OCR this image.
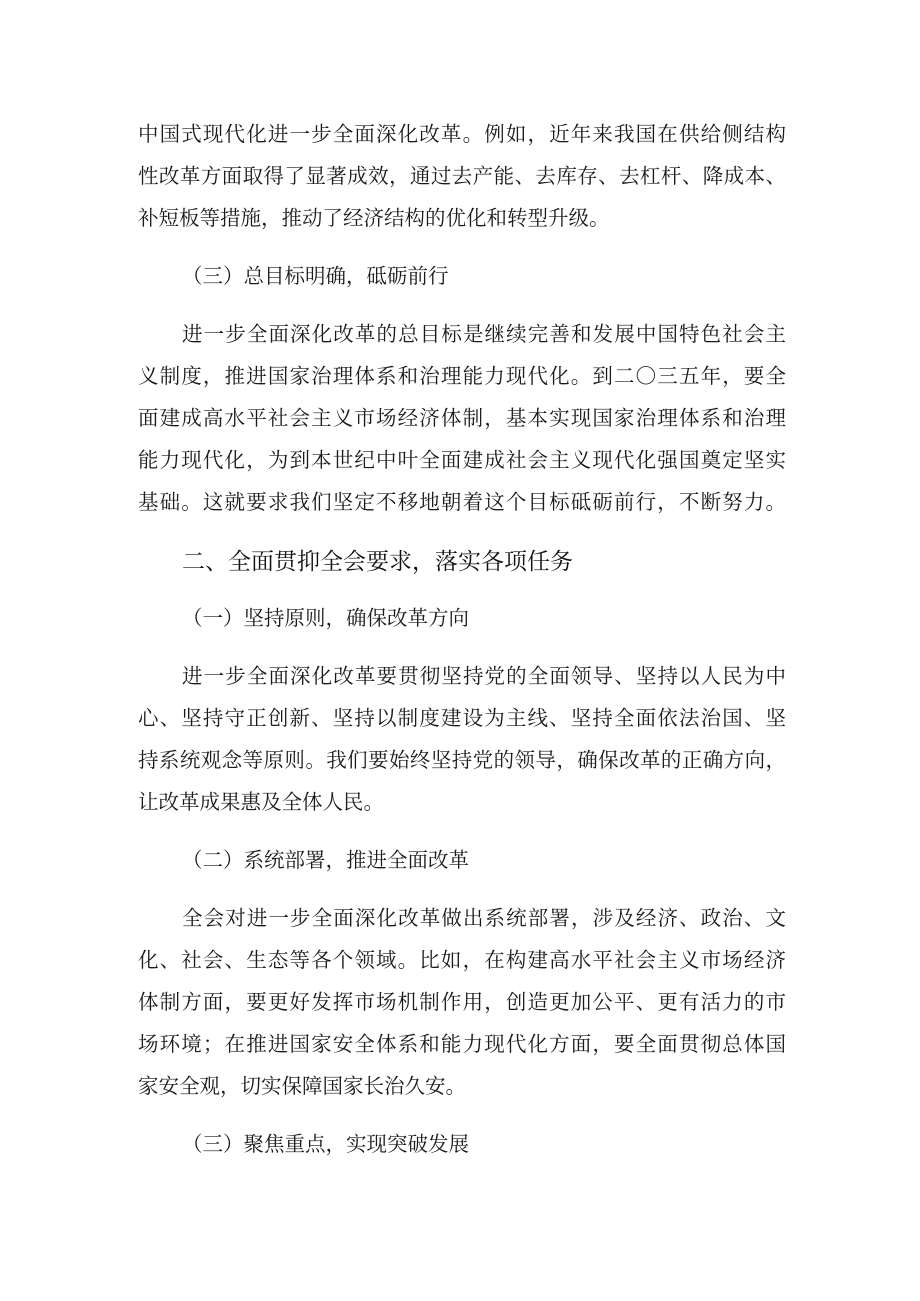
中国式现代化进一步全面深化改革。例如，近年来我国在供给侧结构
性改革方面取得了显著成效，通过去产能、去库存、去杠杆、降成本、
补短板等措施，推动了经济结构的优化和转型升级。
（三）总目标明确，砥砺前行
进一步全面深化改革的总目标是继续完善和发展中国特色社会主
义制度，推进国家治理体系和治理能力现代化。到二〇三五年，要全
面建成高水平社会主义市场经济体制，基本实现国家治理体系和治理
能力现代化，为到本世纪中叶全面建成社会主义现代化强国奠定坚实
基础。这就要求我们坚定不移地朝着这个目标砥砺前行，不断努力。
二、全面贯抑全会要求，落实各项任务
（一）坚持原则，确保改革方向
进一步全面深化改革要贯彻坚持党的全面领导、坚持以人民为中
心、坚持守正创新、坚持以制度建设为主线、坚持全面依法治国、坚
持系统观念等原则。我们要始终坚持党的领导，确保改革的正确方向，
让改革成果惠及全体人民。
（二）系统部署，推进全面改革
全会对进一步全面深化改革做出系统部署，涉及经济、政治、文
化、社会、生态等各个领域。比如，在构建高水平社会主义市场经济
体制方面，要更好发挥市场机制作用，创造更加公平、更有活力的市
场环境；在推进国家安全体系和能力现代化方面，要全面贯彻总体国
家安全观，切实保障国家长治久安。
（三）聚焦重点，实现突破发展
